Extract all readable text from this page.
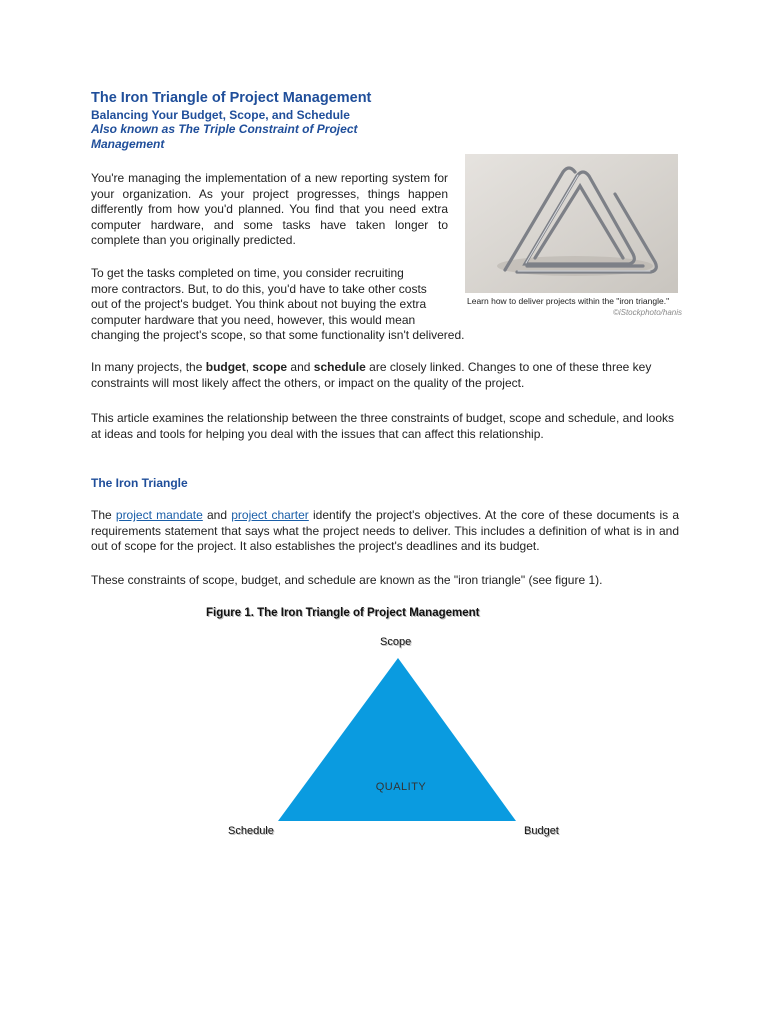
The Iron Triangle of Project Management
Balancing Your Budget, Scope, and Schedule
Also known as The Triple Constraint of Project Management
You're managing the implementation of a new reporting system for your organization. As your project progresses, things happen differently from how you'd planned. You find that you need extra computer hardware, and some tasks have taken longer to complete than you originally predicted.
To get the tasks completed on time, you consider recruiting
more contractors. But, to do this, you'd have to take other costs
out of the project's budget. You think about not buying the extra
computer hardware that you need, however, this would mean
changing the project's scope, so that some functionality isn't delivered.
Learn how to deliver projects within the "iron triangle."
©iStockphoto/hanis
In many projects, the budget, scope and schedule are closely linked. Changes to one of these three key constraints will most likely affect the others, or impact on the quality of the project.
This article examines the relationship between the three constraints of budget, scope and schedule, and looks at ideas and tools for helping you deal with the issues that can affect this relationship.
The Iron Triangle
The project mandate and project charter identify the project's objectives. At the core of these documents is a requirements statement that says what the project needs to deliver. This includes a definition of what is in and out of scope for the project. It also establishes the project's deadlines and its budget.
These constraints of scope, budget, and schedule are known as the "iron triangle" (see figure 1).
Figure 1. The Iron Triangle of Project Management
Scope
QUALITY
Schedule	Budget
